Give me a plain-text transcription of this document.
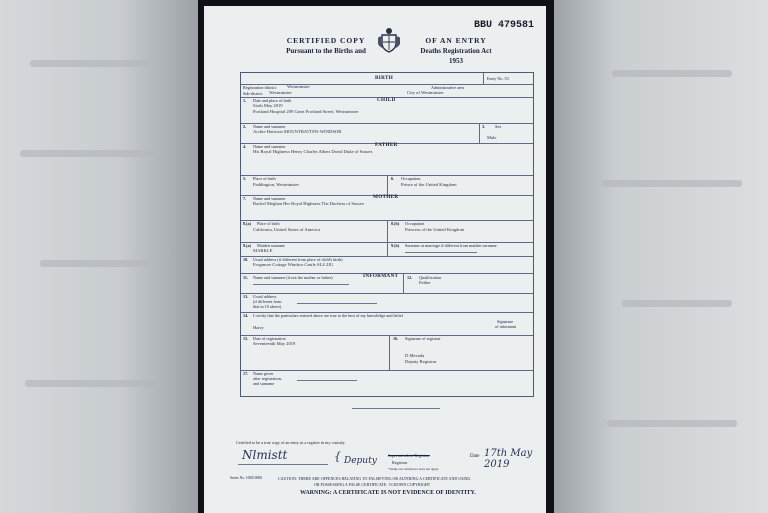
CERTIFIED COPY
Pursuant to the Births and
OF AN ENTRY
Deaths Registration Act 1953
BBU 479581
BIRTH	Entry No. 53
Registration district Westminster	Administrative area
Sub-district Westminster	City of Westminster
CHILD
1. Date and place of birth
Sixth May 2019
Portland Hospital 209 Great Portland Street, Westminster
2. Name and surname
Archie Harrison MOUNTBATTEN-WINDSOR
3. Sex
Male
FATHER
4. Name and surname
His Royal Highness Henry Charles Albert David Duke of Sussex
5. Place of birth
Paddington, Westminster
6. Occupation
Prince of the United Kingdom
MOTHER
7. Name and surname
Rachel Meghan Her Royal Highness The Duchess of Sussex
8.(a) Place of birth
California, United States of America
8.(b) Occupation
Princess of the United Kingdom
9.(a) Maiden surname
MARKLE
9.(b) Surname at marriage if different from maiden surname
10. Usual address (if different from place of child's birth)
Frogmore Cottage Windsor Castle SL4 2JG
INFORMANT
11. Name and surname (if not the mother or father)	12. Qualification
Father
13. Usual address
(if different from
that in 10 above)
14. I certify that the particulars entered above are true to the best of my knowledge and belief
Harry
Signature
of informant
15. Date of registration
Seventeenth May 2019
16. Signature of registrar
D.Mevada
Deputy Registrar
17. Name given
after registration,
and surname
Certified to be a true copy of an entry in a register in my custody.
Nlmistt	{ Deputy
Superintendent Registrar
Registrar
*Strike out whichever does not apply
Date 17th May 2019
Series No. 100010000	CAUTION: THERE ARE OFFENCES RELATING TO FALSIFYING OR ALTERING A CERTIFICATE AND USING
OR POSSESSING A FALSE CERTIFICATE. ©CROWN COPYRIGHT
WARNING: A CERTIFICATE IS NOT EVIDENCE OF IDENTITY.
